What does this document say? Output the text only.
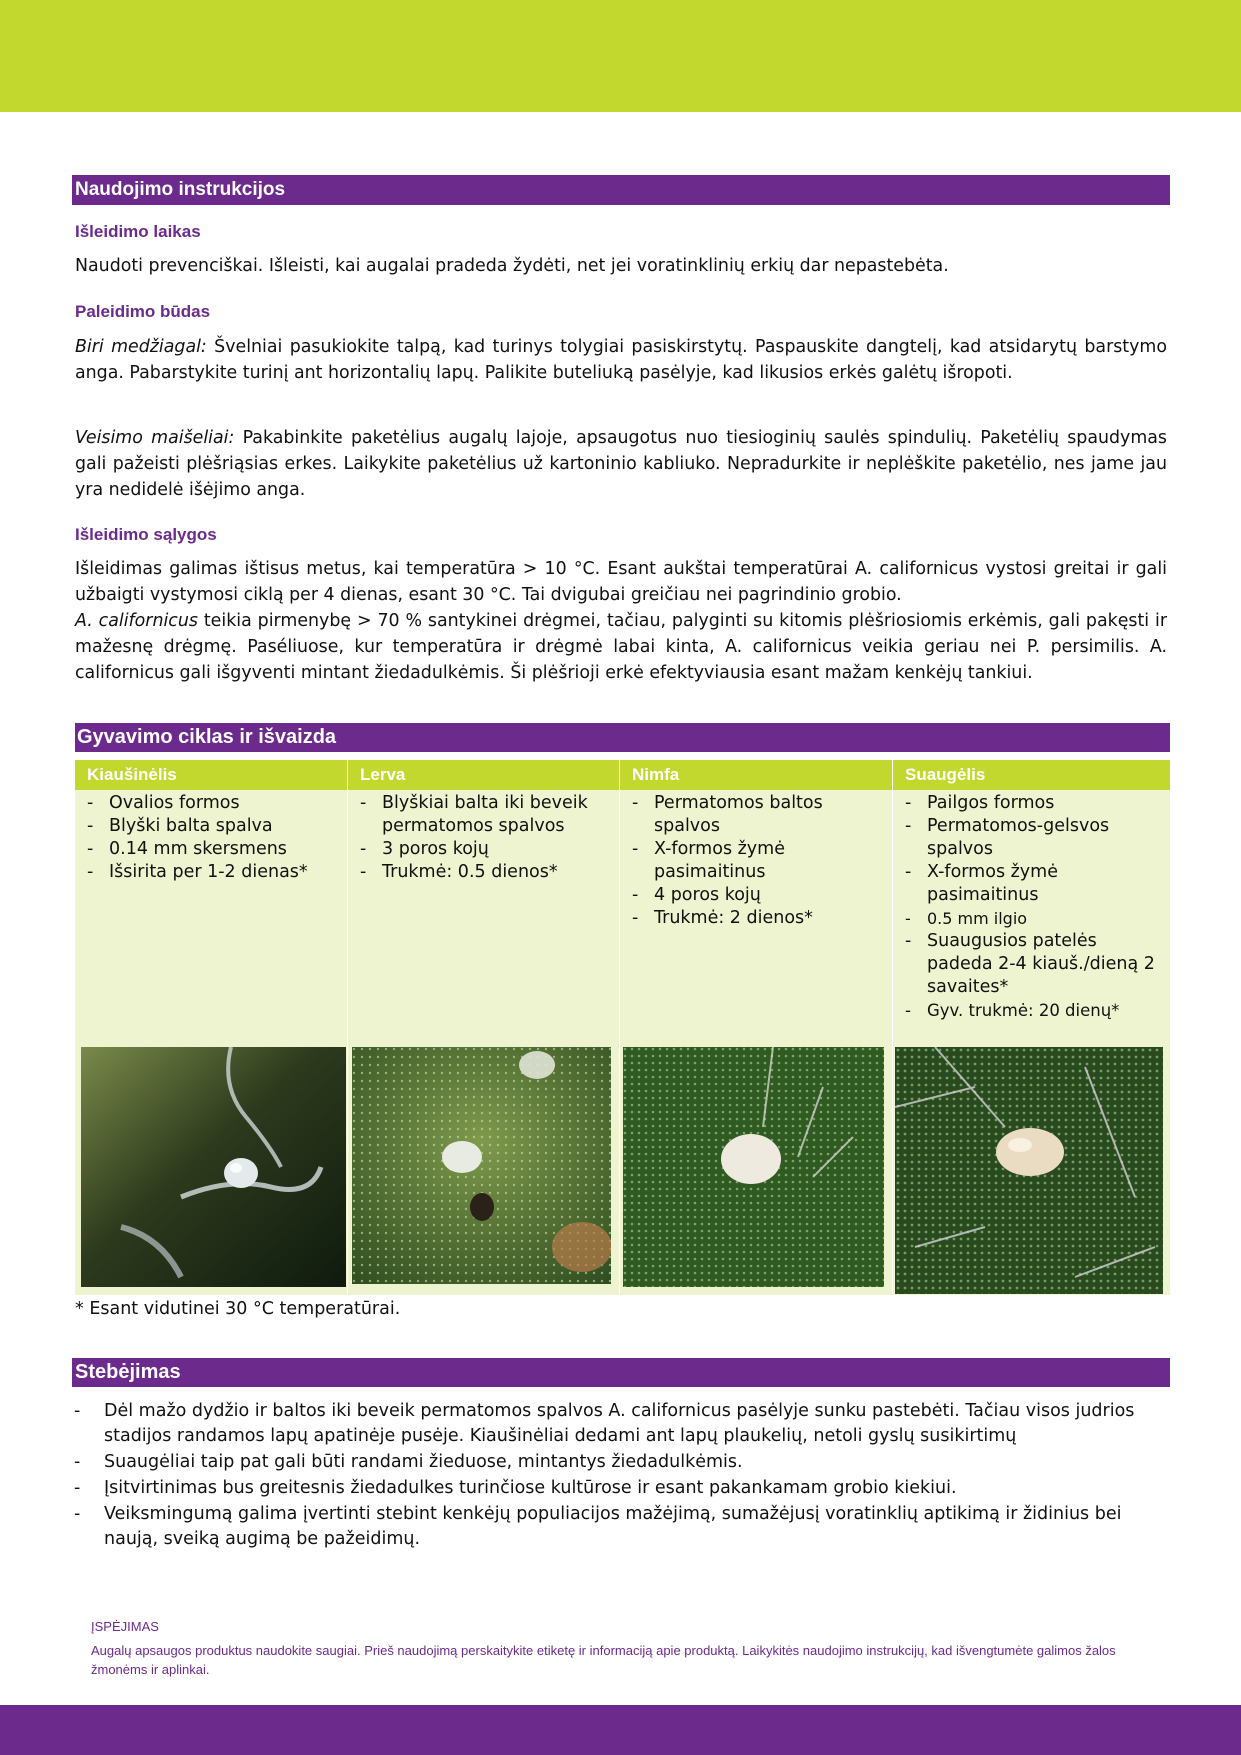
Naudojimo instrukcijos
Išleidimo laikas

Naudoti prevenciškai. Išleisti, kai augalai pradeda žydėti, net jei voratinklinių erkių dar nepastebėta.

Paleidimo būdas

Biri medžiagal: Švelniai pasukiokite talpą, kad turinys tolygiai pasiskirstytų. Paspauskite dangtelį, kad atsidarytų barstymo anga. Pabarstykite turinį ant horizontalių lapų. Palikite buteliuką pasėlyje, kad likusios erkės galėtų išropoti.

Veisimo maišeliai: Pakabinkite paketėlius augalų lajoje, apsaugotus nuo tiesioginių saulės spindulių. Paketėlių spaudymas gali pažeisti plėšriąsias erkes. Laikykite paketėlius už kartoninio kabliuko. Nepradurkite ir neplėškite paketėlio, nes jame jau yra nedidelė išėjimo anga.

Išleidimo sąlygos

Išleidimas galimas ištisus metus, kai temperatūra > 10 °C. Esant aukštai temperatūrai A. californicus vystosi greitai ir gali užbaigti vystymosi ciklą per 4 dienas, esant 30 °C. Tai dvigubai greičiau nei pagrindinio grobio.

A. californicus teikia pirmenybę > 70 % santykinei drėgmei, tačiau, palyginti su kitomis plėšriosiomis erkėmis, gali pakęsti ir mažesnę drėgmę. Paséliuose, kur temperatūra ir drėgmė labai kinta, A. californicus veikia geriau nei P. persimilis. A. californicus gali išgyventi mintant žiedadulkėmis. Ši plėšrioji erkė efektyviausia esant mažam kenkėjų tankiui.

Gyvavimo ciklas ir išvaizda
Kiaušinėlis
- Ovalios formos
- Blyški balta spalva
- 0.14 mm skersmens
- Išsirita per 1-2 dienas*
Lerva
- Blyškiai balta iki beveik permatomos spalvos
- 3 poros kojų
- Trukmė: 0.5 dienos*
Nimfa
- Permatomos baltos spalvos
- X-formos žymė pasimaitinus
- 4 poros kojų
- Trukmė: 2 dienos*
Suaugėlis
- Pailgos formos
- Permatomos-gelsvos spalvos
- X-formos žymė pasimaitinus
- 0.5 mm ilgio
- Suaugusios patelės padeda 2-4 kiauš./dieną 2 savaites*
- Gyv. trukmė: 20 dienų*
* Esant vidutinei 30 °C temperatūrai.
Stebėjimas
- Dėl mažo dydžio ir baltos iki beveik permatomos spalvos A. californicus pasėlyje sunku pastebėti. Tačiau visos judrios stadijos randamos lapų apatinėje pusėje. Kiaušinėliai dedami ant lapų plaukelių, netoli gyslų susikirtimų
- Suaugėliai taip pat gali būti randami žieduose, mintantys žiedadulkėmis.
- Įsitvirtinimas bus greitesnis žiedadulkes turinčiose kultūrose ir esant pakankamam grobio kiekiui.
- Veiksmingumą galima įvertinti stebint kenkėjų populiacijos mažėjimą, sumažėjusį voratinklių aptikimą ir židinius bei naują, sveiką augimą be pažeidimų.
ĮSPĖJIMAS
Augalų apsaugos produktus naudokite saugiai. Prieš naudojimą perskaitykite etiketę ir informaciją apie produktą. Laikykitės naudojimo instrukcijų, kad išvengtumėte galimos žalos žmonėms ir aplinkai.
